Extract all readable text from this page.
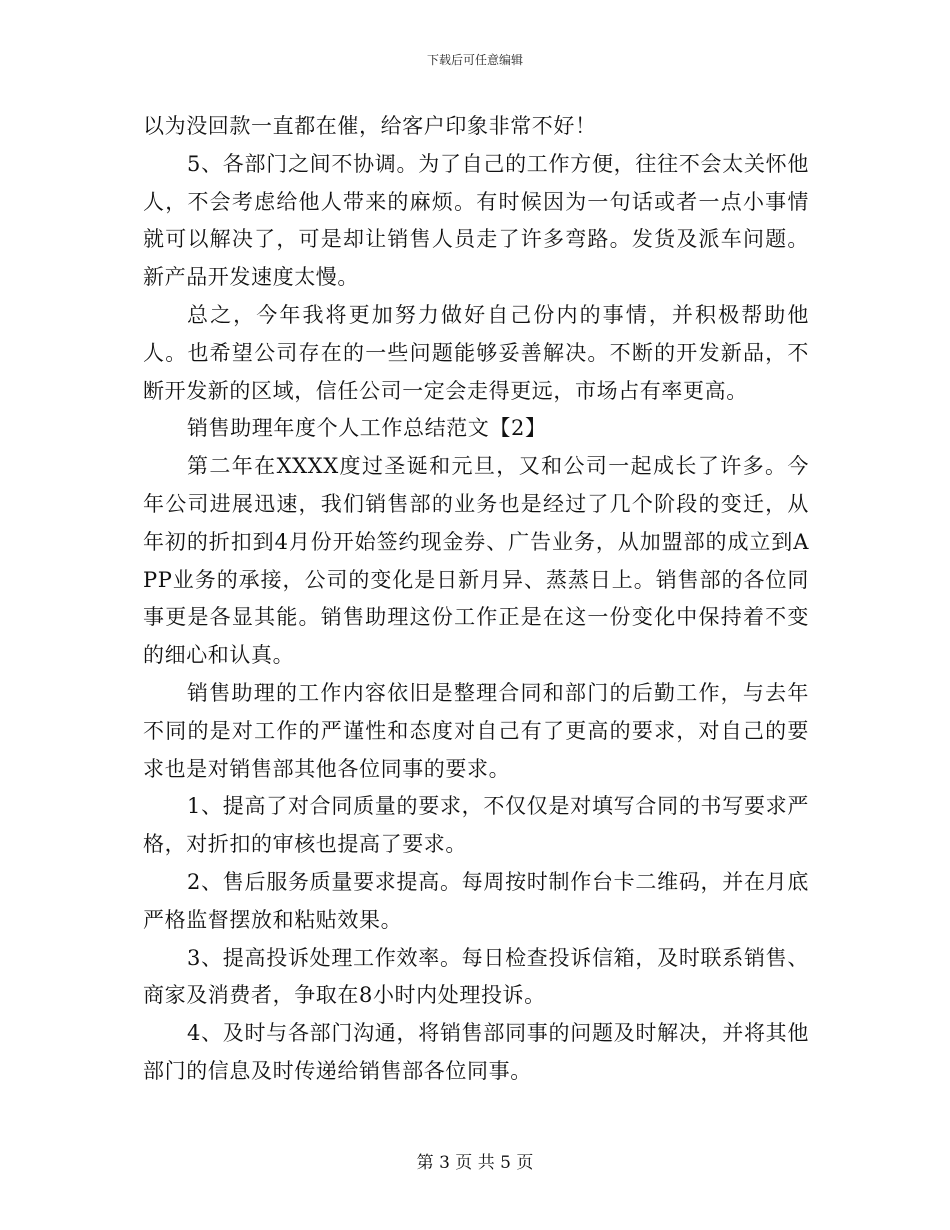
下载后可任意编辑

以为没回款一直都在催，给客户印象非常不好！

5、各部门之间不协调。为了自己的工作方便，往往不会太关怀他人，不会考虑给他人带来的麻烦。有时候因为一句话或者一点小事情就可以解决了，可是却让销售人员走了许多弯路。发货及派车问题。新产品开发速度太慢。

总之，今年我将更加努力做好自己份内的事情，并积极帮助他人。也希望公司存在的一些问题能够妥善解决。不断的开发新品，不断开发新的区域，信任公司一定会走得更远，市场占有率更高。

销售助理年度个人工作总结范文【2】

第二年在XXXX度过圣诞和元旦，又和公司一起成长了许多。今年公司进展迅速，我们销售部的业务也是经过了几个阶段的变迁，从年初的折扣到4月份开始签约现金券、广告业务，从加盟部的成立到APP业务的承接，公司的变化是日新月异、蒸蒸日上。销售部的各位同事更是各显其能。销售助理这份工作正是在这一份变化中保持着不变的细心和认真。

销售助理的工作内容依旧是整理合同和部门的后勤工作，与去年不同的是对工作的严谨性和态度对自己有了更高的要求，对自己的要求也是对销售部其他各位同事的要求。

1、提高了对合同质量的要求，不仅仅是对填写合同的书写要求严格，对折扣的审核也提高了要求。

2、售后服务质量要求提高。每周按时制作台卡二维码，并在月底严格监督摆放和粘贴效果。

3、提高投诉处理工作效率。每日检查投诉信箱，及时联系销售、商家及消费者，争取在8小时内处理投诉。

4、及时与各部门沟通，将销售部同事的问题及时解决，并将其他部门的信息及时传递给销售部各位同事。

第 3 页 共 5 页
